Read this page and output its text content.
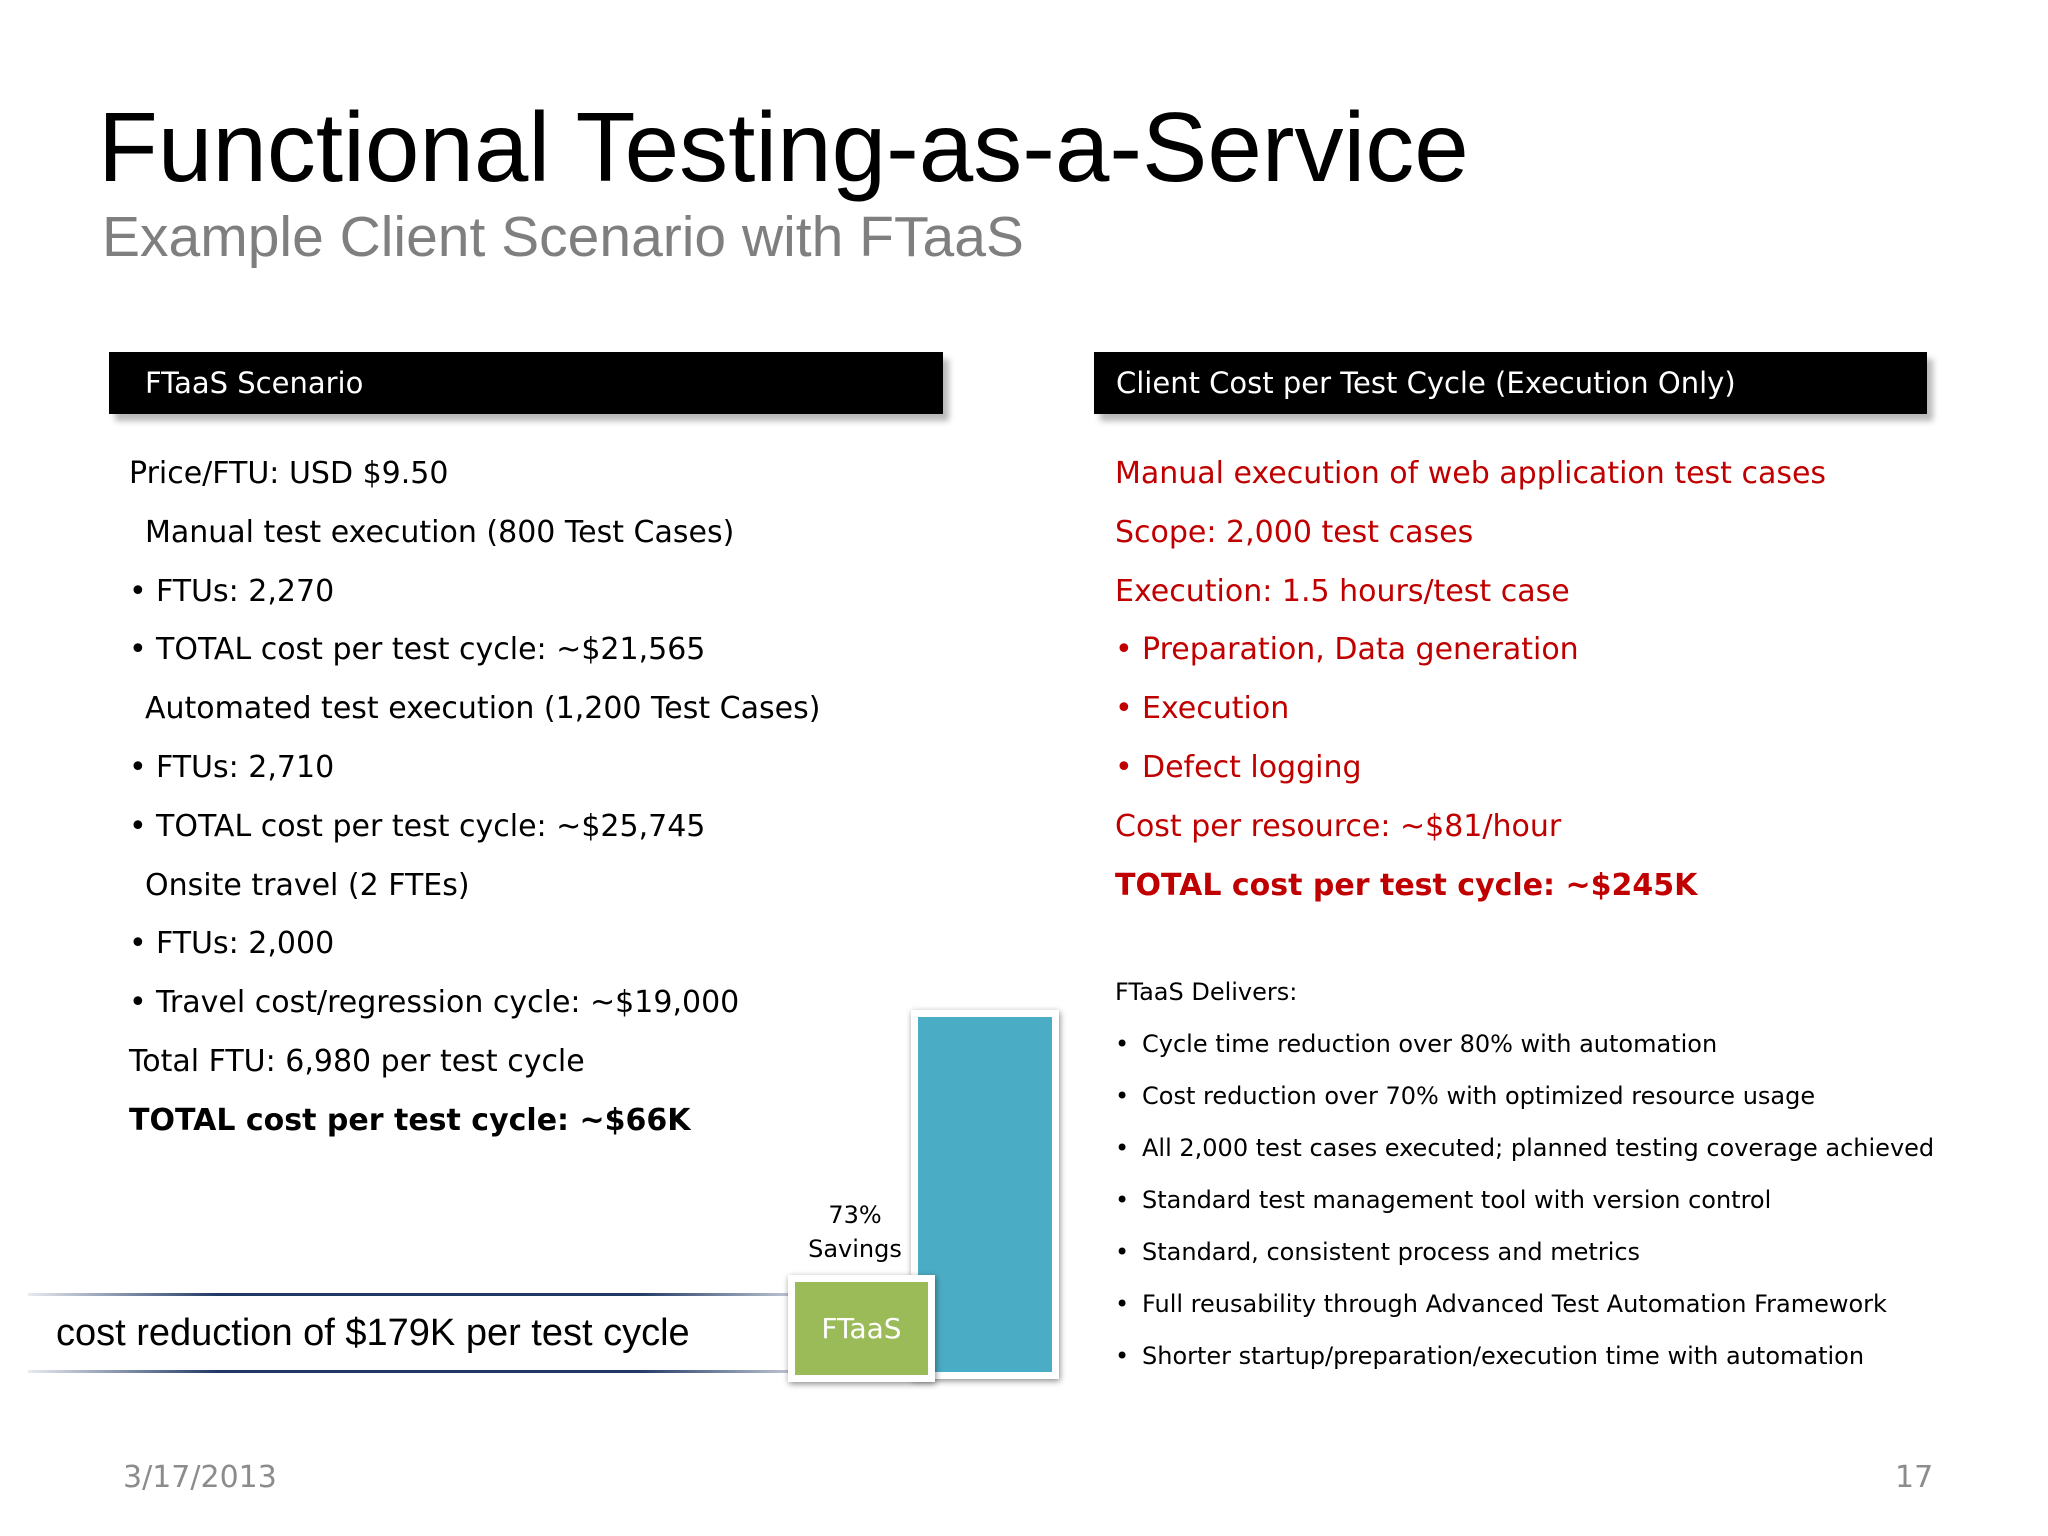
Functional Testing-as-a-Service
Example Client Scenario with FTaaS
FTaaS Scenario	Client Cost per Test Cycle (Execution Only)
Price/FTU: USD $9.50
Manual test execution (800 Test Cases)
• FTUs: 2,270
• TOTAL cost per test cycle: ~$21,565
Automated test execution (1,200 Test Cases)
• FTUs: 2,710
• TOTAL cost per test cycle: ~$25,745
Onsite travel (2 FTEs)
• FTUs: 2,000
• Travel cost/regression cycle: ~$19,000
Total FTU: 6,980 per test cycle
TOTAL cost per test cycle: ~$66K
Manual execution of web application test cases
Scope: 2,000 test cases
Execution: 1.5 hours/test case
• Preparation, Data generation
• Execution
• Defect logging
Cost per resource: ~$81/hour
TOTAL cost per test cycle: ~$245K
FTaaS Delivers:
• Cycle time reduction over 80% with automation
• Cost reduction over 70% with optimized resource usage
• All 2,000 test cases executed; planned testing coverage achieved
• Standard test management tool with version control
• Standard, consistent process and metrics
• Full reusability through Advanced Test Automation Framework
• Shorter startup/preparation/execution time with automation
73%
Savings
cost reduction of $179K per test cycle	FTaaS
3/17/2013	17
